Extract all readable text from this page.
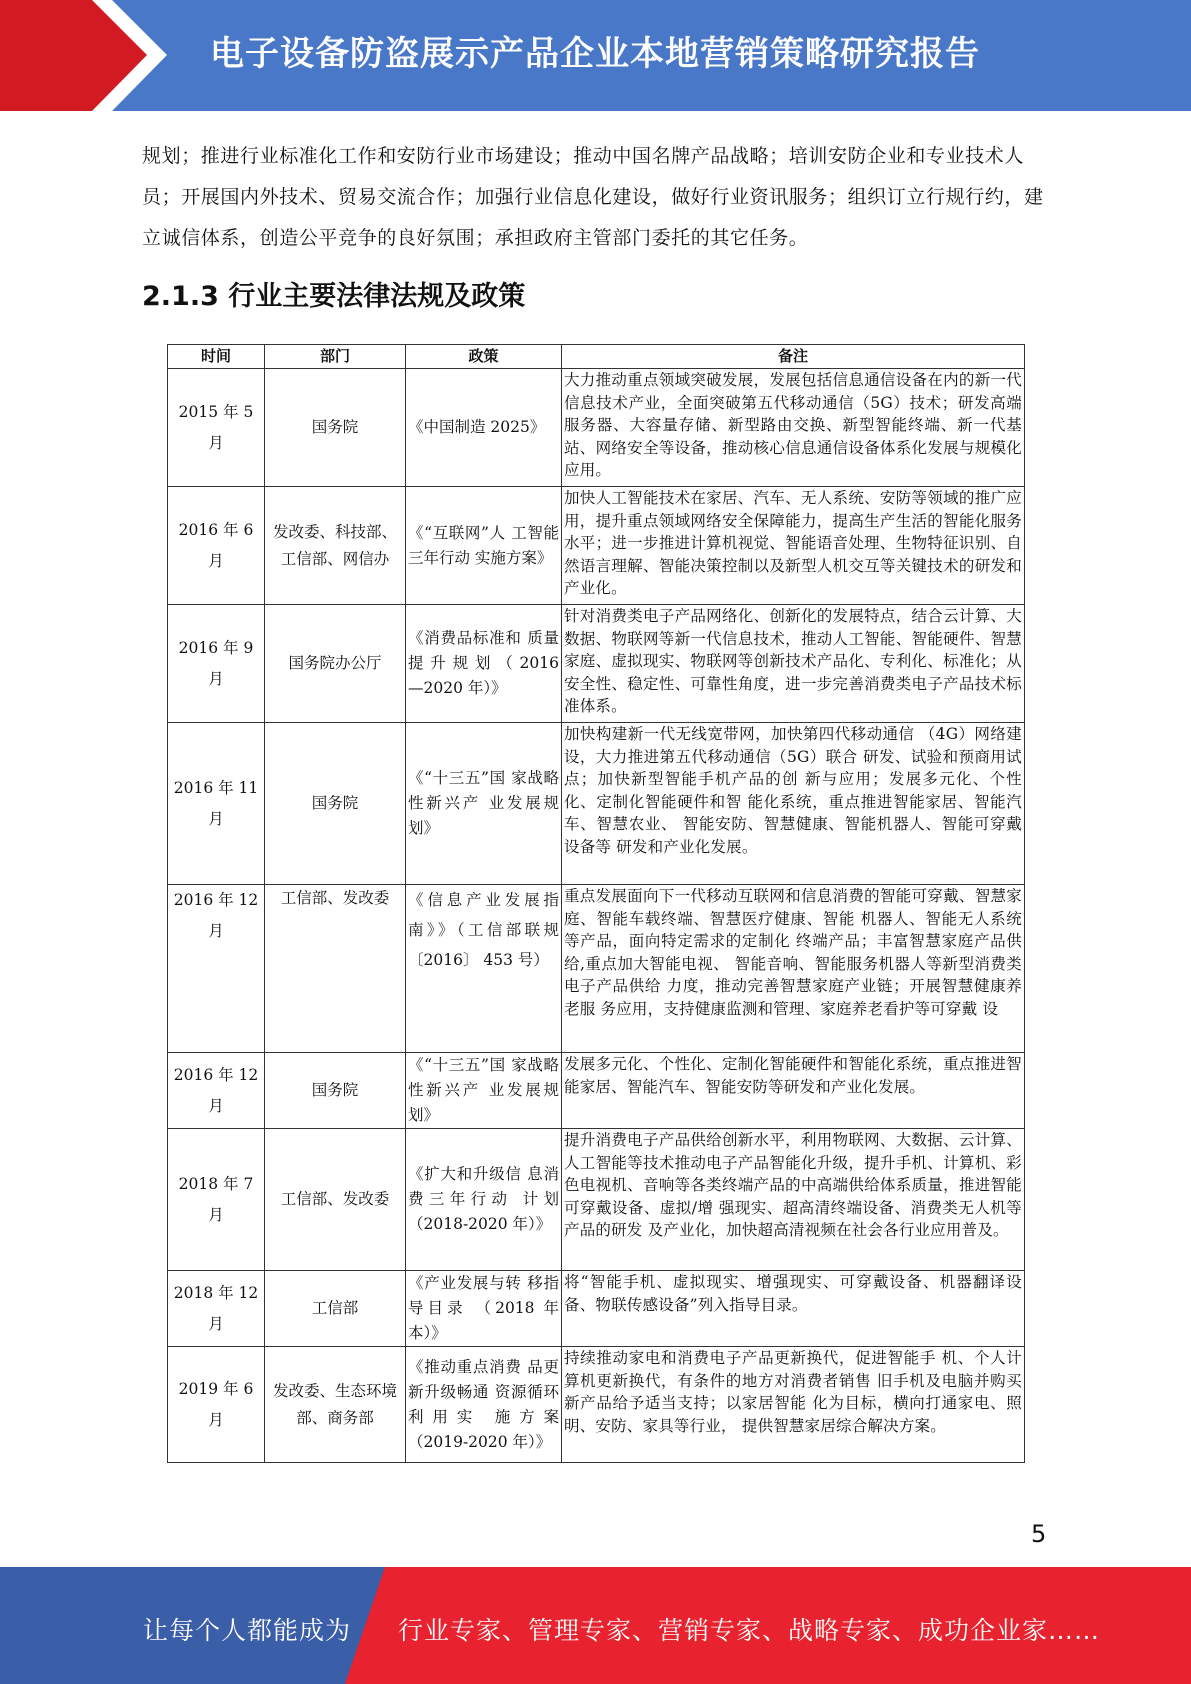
电子设备防盗展示产品企业本地营销策略研究报告
规划；推进行业标准化工作和安防行业市场建设；推动中国名牌产品战略；培训安防企业和专业技术人员；开展国内外技术、贸易交流合作；加强行业信息化建设，做好行业资讯服务；组织订立行规行约，建立诚信体系，创造公平竞争的良好氛围；承担政府主管部门委托的其它任务。
2.1.3 行业主要法律法规及政策
时间	部门	政策	备注
2015 年 5 月	国务院	《中国制造 2025》	大力推动重点领域突破发展，发展包括信息通信设备在内的新一代信息技术产业，全面突破第五代移动通信（5G）技术；研发高端服务器、大容量存储、新型路由交换、新型智能终端、新一代基站、网络安全等设备，推动核心信息通信设备体系化发展与规模化应用。
2016 年 6 月	发改委、科技部、工信部、网信办	《“互联网”人 工智能三年行动 实施方案》	加快人工智能技术在家居、汽车、无人系统、安防等领域的推广应用，提升重点领域网络安全保障能力，提高生产生活的智能化服务水平；进一步推进计算机视觉、智能语音处理、生物特征识别、自然语言理解、智能决策控制以及新型人机交互等关键技术的研发和产业化。
2016 年 9 月	国务院办公厅	《消费品标准和 质量 提 升 规 划 （ 2016—2020 年）》	针对消费类电子产品网络化、创新化的发展特点，结合云计算、大数据、物联网等新一代信息技术，推动人工智能、智能硬件、智慧家庭、虚拟现实、物联网等创新技术产品化、专利化、标准化；从安全性、稳定性、可靠性角度，进一步完善消费类电子产品技术标准体系。
2016 年 11 月	国务院	《“十三五”国 家战略性新兴产 业发展规划》	加快构建新一代无线宽带网，加快第四代移动通信 （4G）网络建设，大力推进第五代移动通信（5G）联合 研发、试验和预商用试点；加快新型智能手机产品的创 新与应用；发展多元化、个性化、定制化智能硬件和智 能化系统，重点推进智能家居、智能汽车、智慧农业、 智能安防、智慧健康、智能机器人、智能可穿戴设备等 研发和产业化发展。
2016 年 12 月	工信部、发改委	《信息产业发展指南》》（工信部联规〔2016〕 453 号）	重点发展面向下一代移动互联网和信息消费的智能可穿戴、智慧家庭、智能车载终端、智慧医疗健康、智能 机器人、智能无人系统等产品，面向特定需求的定制化 终端产品；丰富智慧家庭产品供给,重点加大智能电视、 智能音响、智能服务机器人等新型消费类电子产品供给 力度，推动完善智慧家庭产业链；开展智慧健康养老服 务应用，支持健康监测和管理、家庭养老看护等可穿戴 设
2016 年 12 月	国务院	《“十三五”国 家战略性新兴产 业发展规划》	发展多元化、个性化、定制化智能硬件和智能化系统，重点推进智能家居、智能汽车、智能安防等研发和产业化发展。
2018 年 7 月	工信部、发改委	《扩大和升级信 息消费三年行动 计划（2018-2020 年）》	提升消费电子产品供给创新水平，利用物联网、大数据、云计算、人工智能等技术推动电子产品智能化升级，提升手机、计算机、彩色电视机、音响等各类终端产品的中高端供给体系质量，推进智能可穿戴设备、虚拟/增 强现实、超高清终端设备、消费类无人机等产品的研发 及产业化，加快超高清视频在社会各行业应用普及。
2018 年 12 月	工信部	《产业发展与转 移指导目录 （2018 年本）》	将“智能手机、虚拟现实、增强现实、可穿戴设备、机器翻译设备、物联传感设备”列入指导目录。
2019 年 6 月	发改委、生态环境部、商务部	《推动重点消费 品更新升级畅通 资源循环利用实 施方案（2019-2020 年）》	持续推动家电和消费电子产品更新换代，促进智能手 机、个人计算机更新换代，有条件的地方对消费者销售 旧手机及电脑并购买新产品给予适当支持；以家居智能 化为目标，横向打通家电、照明、安防、家具等行业， 提供智慧家居综合解决方案。
5
让每个人都能成为 行业专家、管理专家、营销专家、战略专家、成功企业家……
